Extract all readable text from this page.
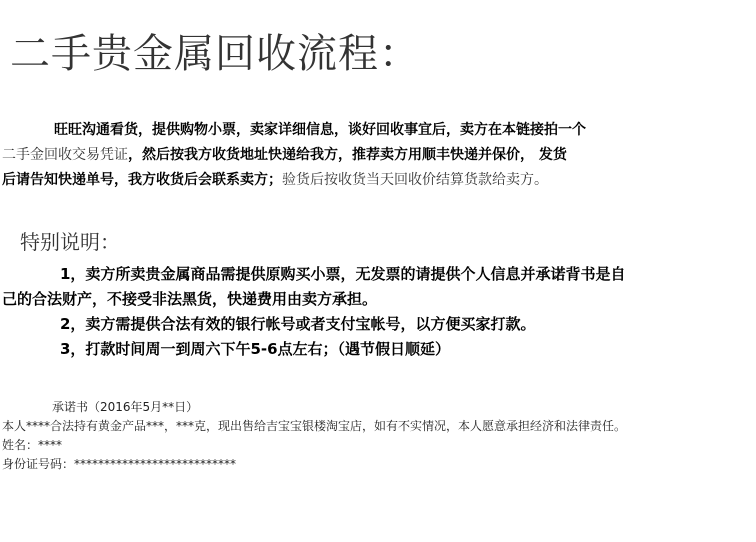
二手贵金属回收流程：
旺旺沟通看货，提供购物小票，卖家详细信息，谈好回收事宜后，卖方在本链接拍一个
二手金回收交易凭证，然后按我方收货地址快递给我方，推荐卖方用顺丰快递并保价， 发货
后请告知快递单号，我方收货后会联系卖方；验货后按收货当天回收价结算货款给卖方。
特别说明：
1，卖方所卖贵金属商品需提供原购买小票，无发票的请提供个人信息并承诺背书是自
己的合法财产，不接受非法黑货，快递费用由卖方承担。
2，卖方需提供合法有效的银行帐号或者支付宝帐号，以方便买家打款。
3，打款时间周一到周六下午5-6点左右；（遇节假日顺延）
承诺书（2016年5月**日）
本人****合法持有黄金产品***，***克，现出售给吉宝宝银楼淘宝店，如有不实情况，本人愿意承担经济和法律责任。
姓名：****
身份证号码：***************************
